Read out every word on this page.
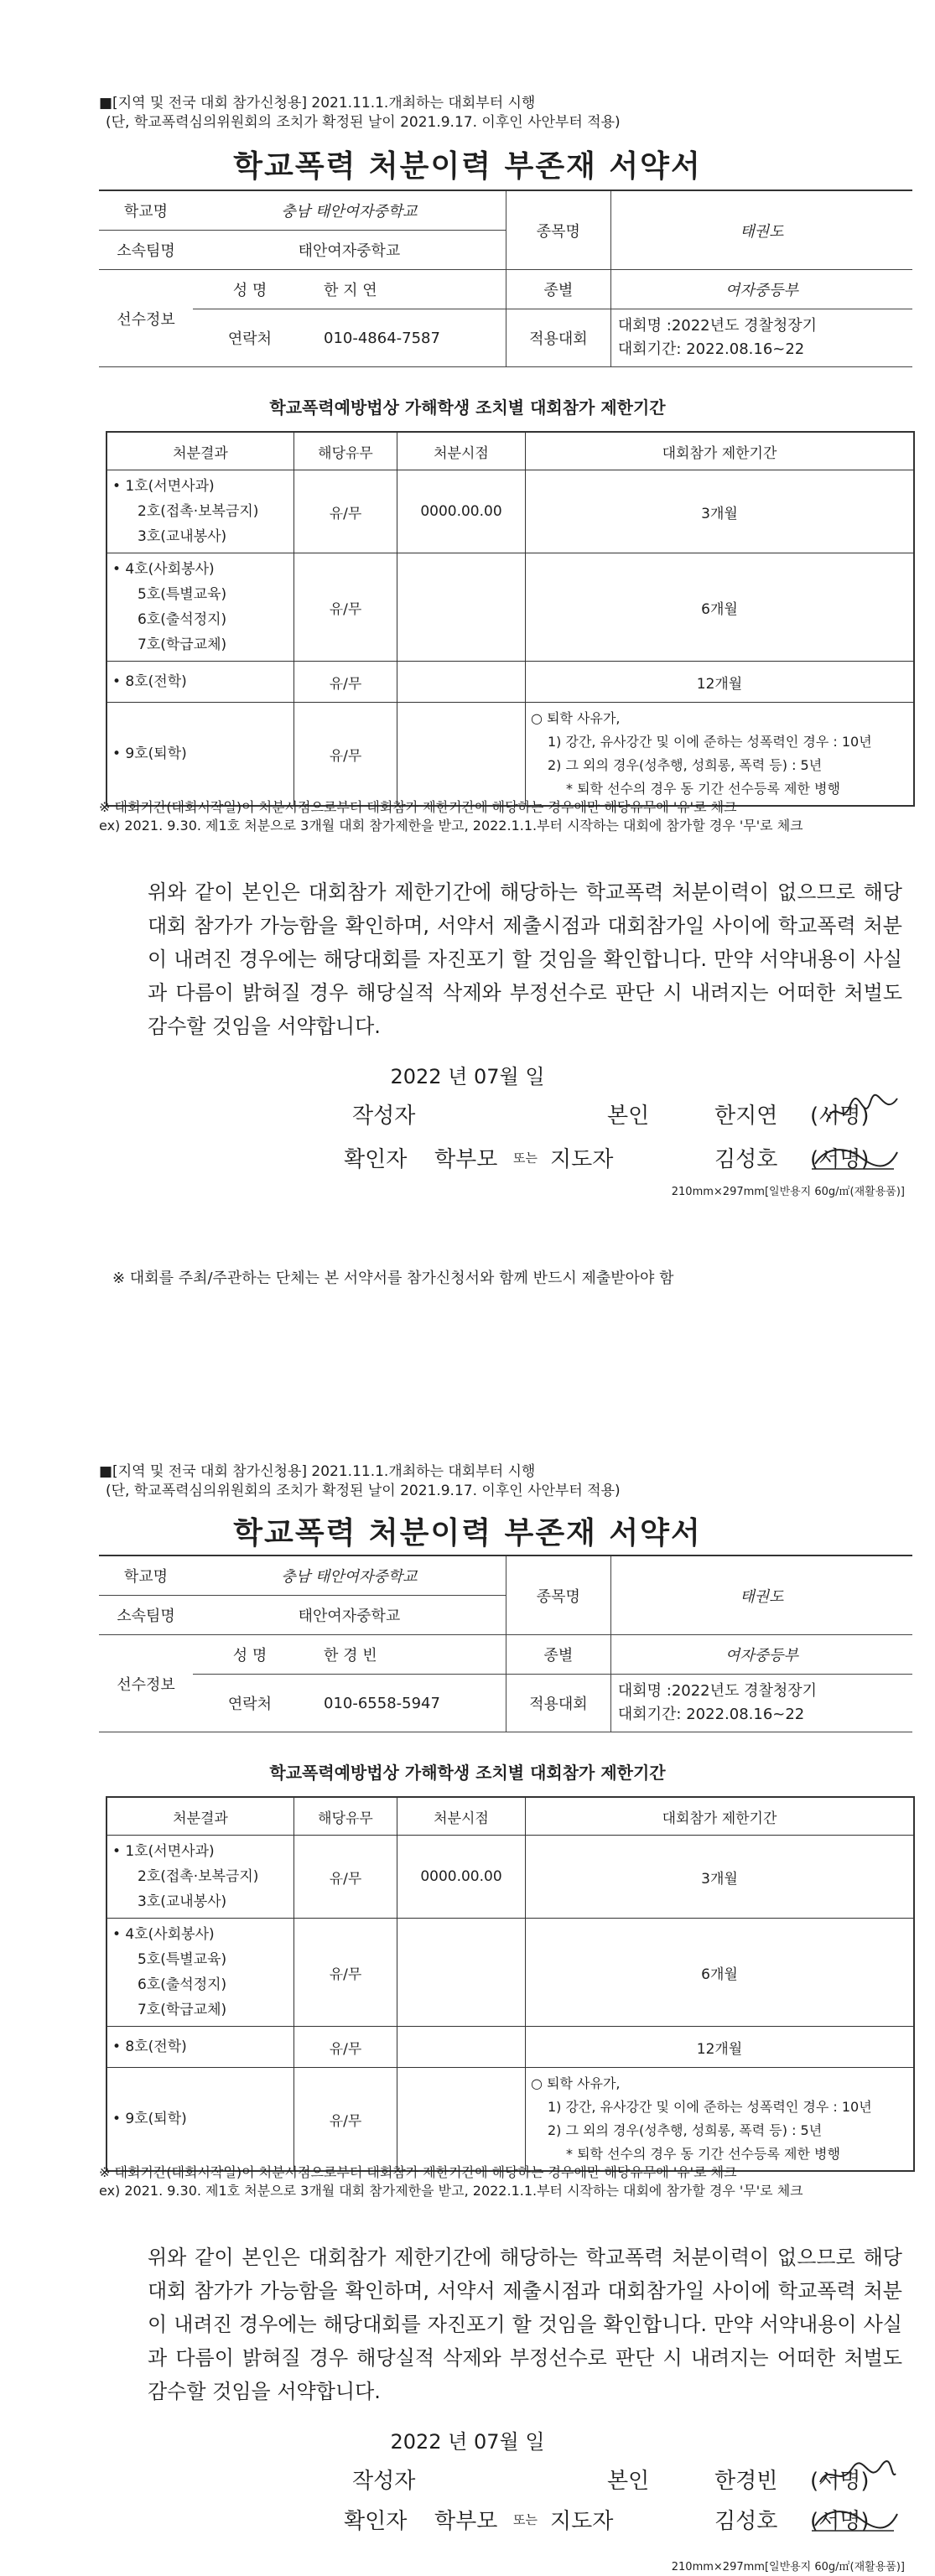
■[지역 및 전국 대회 참가신청용] 2021.11.1.개최하는 대회부터 시행
(단, 학교폭력심의위원회의 조치가 확정된 날이 2021.9.17. 이후인 사안부터 적용)
학교폭력 처분이력 부존재 서약서
학교명	충남 태안여자중학교		종목명	태권도
소속팀명	태안여자중학교			
선수정보	성 명	한 지 연	종별	여자중등부
	연락처	010-4864-7587	적용대회	대회명 :2022년도 경찰청장기
대회기간: 2022.08.16~22
학교폭력예방법상 가해학생 조치별 대회참가 제한기간
처분결과	해당유무	처분시점	대회참가 제한기간

• 1호(서면사과)
2호(접촉·보복금지)
3호(교내봉사)	유/무	0000.00.00	3개월

• 4호(사회봉사)
5호(특별교육)
6호(출석정지)
7호(학급교체)	유/무		6개월

• 8호(전학)	유/무		12개월

• 9호(퇴학)	유/무		○ 퇴학 사유가,
1) 강간, 유사강간 및 이에 준하는 성폭력인 경우 : 10년
2) 그 외의 경우(성추행, 성희롱, 폭력 등) : 5년
* 퇴학 선수의 경우 동 기간 선수등록 제한 병행
※ 대회기간(대회시작일)이 처분시점으로부터 대회참가 제한기간에 해당하는 경우에만 해당유무에 '유'로 체크
ex) 2021. 9.30. 제1호 처분으로 3개월 대회 참가제한을 받고, 2022.1.1.부터 시작하는 대회에 참가할 경우 '무'로 체크
위와 같이 본인은 대회참가 제한기간에 해당하는 학교폭력 처분이력이 없으므로 해당 대회 참가가 가능함을 확인하며, 서약서 제출시점과 대회참가일 사이에 학교폭력 처분이 내려진 경우에는 해당대회를 자진포기 할 것임을 확인합니다. 만약 서약내용이 사실과 다름이 밝혀질 경우 해당실적 삭제와 부정선수로 판단 시 내려지는 어떠한 처벌도 감수할 것임을 서약합니다.
2022 년 07월 일
작성자	본인	한지연 (서명)
확인자 학부모 또는 지도자	김성호 (서명)
210mm×297mm[일반용지 60g/㎡(재활용품)]
※ 대회를 주최/주관하는 단체는 본 서약서를 참가신청서와 함께 반드시 제출받아야 함
■[지역 및 전국 대회 참가신청용] 2021.11.1.개최하는 대회부터 시행
(단, 학교폭력심의위원회의 조치가 확정된 날이 2021.9.17. 이후인 사안부터 적용)
학교폭력 처분이력 부존재 서약서
학교명	충남 태안여자중학교		종목명	태권도
소속팀명	태안여자중학교			
선수정보	성 명	한 경 빈	종별	여자중등부
	연락처	010-6558-5947	적용대회	대회명 :2022년도 경찰청장기
대회기간: 2022.08.16~22
학교폭력예방법상 가해학생 조치별 대회참가 제한기간
처분결과	해당유무	처분시점	대회참가 제한기간

• 1호(서면사과)
2호(접촉·보복금지)
3호(교내봉사)	유/무	0000.00.00	3개월

• 4호(사회봉사)
5호(특별교육)
6호(출석정지)
7호(학급교체)	유/무		6개월

• 8호(전학)	유/무		12개월

• 9호(퇴학)	유/무		○ 퇴학 사유가,
1) 강간, 유사강간 및 이에 준하는 성폭력인 경우 : 10년
2) 그 외의 경우(성추행, 성희롱, 폭력 등) : 5년
* 퇴학 선수의 경우 동 기간 선수등록 제한 병행
※ 대회기간(대회시작일)이 처분시점으로부터 대회참가 제한기간에 해당하는 경우에만 해당유무에 '유'로 체크
ex) 2021. 9.30. 제1호 처분으로 3개월 대회 참가제한을 받고, 2022.1.1.부터 시작하는 대회에 참가할 경우 '무'로 체크
위와 같이 본인은 대회참가 제한기간에 해당하는 학교폭력 처분이력이 없으므로 해당 대회 참가가 가능함을 확인하며, 서약서 제출시점과 대회참가일 사이에 학교폭력 처분이 내려진 경우에는 해당대회를 자진포기 할 것임을 확인합니다. 만약 서약내용이 사실과 다름이 밝혀질 경우 해당실적 삭제와 부정선수로 판단 시 내려지는 어떠한 처벌도 감수할 것임을 서약합니다.
2022 년 07월 일
작성자	본인	한경빈 (서명)
확인자 학부모 또는 지도자	김성호 (서명)
210mm×297mm[일반용지 60g/㎡(재활용품)]
